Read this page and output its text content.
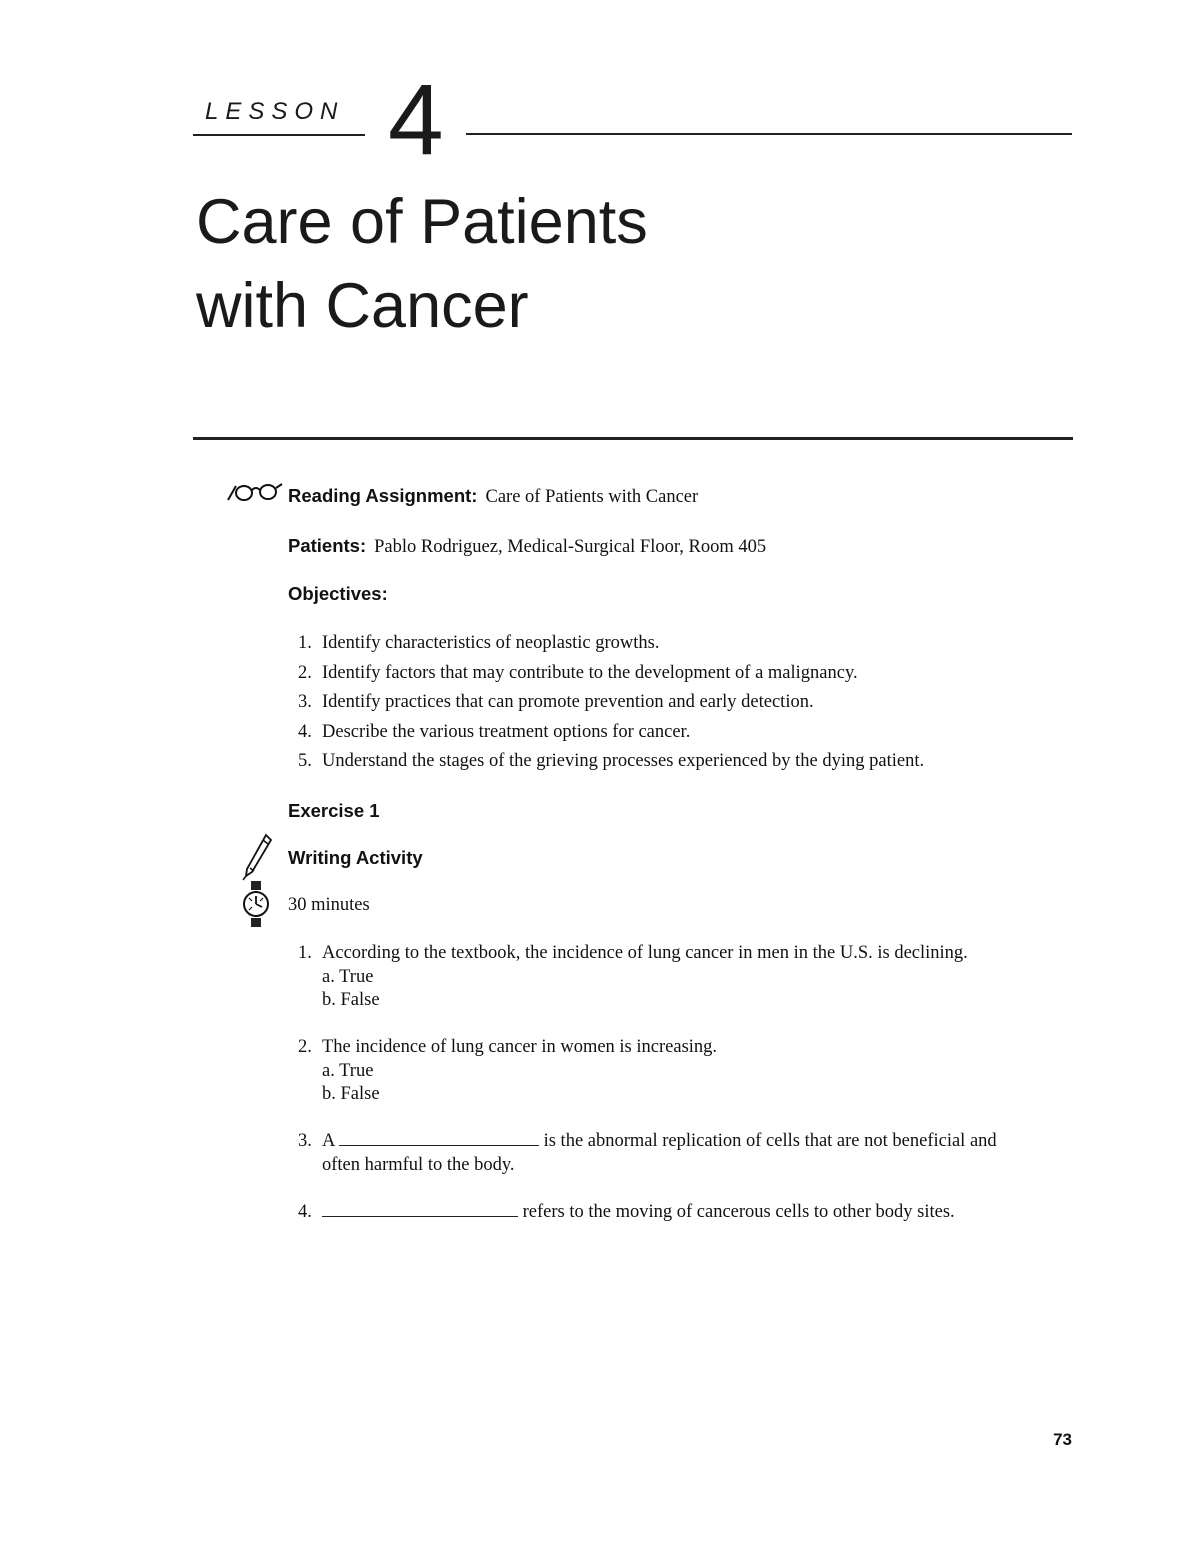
LESSON 4
Care of Patients
with Cancer
Reading Assignment: Care of Patients with Cancer
Patients: Pablo Rodriguez, Medical-Surgical Floor, Room 405
Objectives:
1. Identify characteristics of neoplastic growths.
2. Identify factors that may contribute to the development of a malignancy.
3. Identify practices that can promote prevention and early detection.
4. Describe the various treatment options for cancer.
5. Understand the stages of the grieving processes experienced by the dying patient.
Exercise 1
Writing Activity
30 minutes
1. According to the textbook, the incidence of lung cancer in men in the U.S. is declining.
a. True
b. False
2. The incidence of lung cancer in women is increasing.
a. True
b. False
3. A	is the abnormal replication of cells that are not beneficial and
often harmful to the body.
4.	refers to the moving of cancerous cells to other body sites.
73
